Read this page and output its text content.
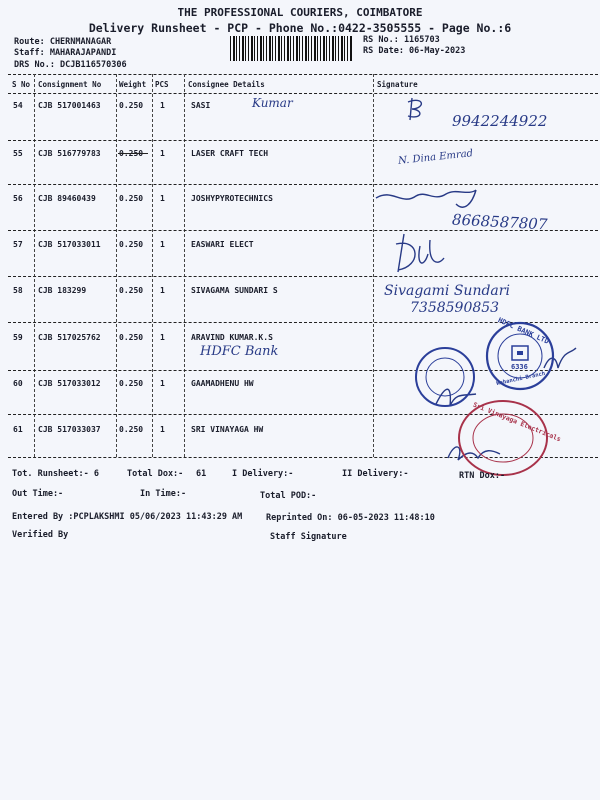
THE PROFESSIONAL COURIERS, COIMBATORE
Delivery Runsheet - PCP - Phone No.:0422-3505555 - Page No.:6
Route: CHERNMANAGAR
Staff: MAHARAJAPANDI
DRS No.: DCJB116570306
RS No.: 1165703
RS Date: 06-May-2023
S No Consignment No Weight PCS	Consignee Details	Signature
54 CJB 517001463 0.250 1	SASI
55 CJB 516779783 0.250 1	LASER CRAFT TECH
56 CJB 89460439	0.250 1	JOSHYPYROTECHNICS
57 CJB 517033011 0.250 1	EASWARI ELECT
58 CJB 183299	0.250 1	SIVAGAMA SUNDARI S
59 CJB 517025762 0.250 1	ARAVIND KUMAR.K.S
60 CJB 517033012 0.250 1	GAAMADHENU HW
61 CJB 517033037 0.250 1	SRI VINAYAGA HW
Kumar
9942244922
N. Dina Emrad
8668587807
Sivagami Sundari
7358590853
HDFC Bank
HDFC BANK LTD
6336
Wahanchi Branch
Sri Vinayaga Electricals
Tot. Runsheet:- 6	Total Dox:- 61	I Delivery:-	II Delivery:-	RTN Dox:-
Out Time:-	In Time:-	Total POD:-
Entered By :PCPLAKSHMI 05/06/2023 11:43:29 AM	Reprinted On: 06-05-2023 11:48:10
Verified By	Staff Signature
